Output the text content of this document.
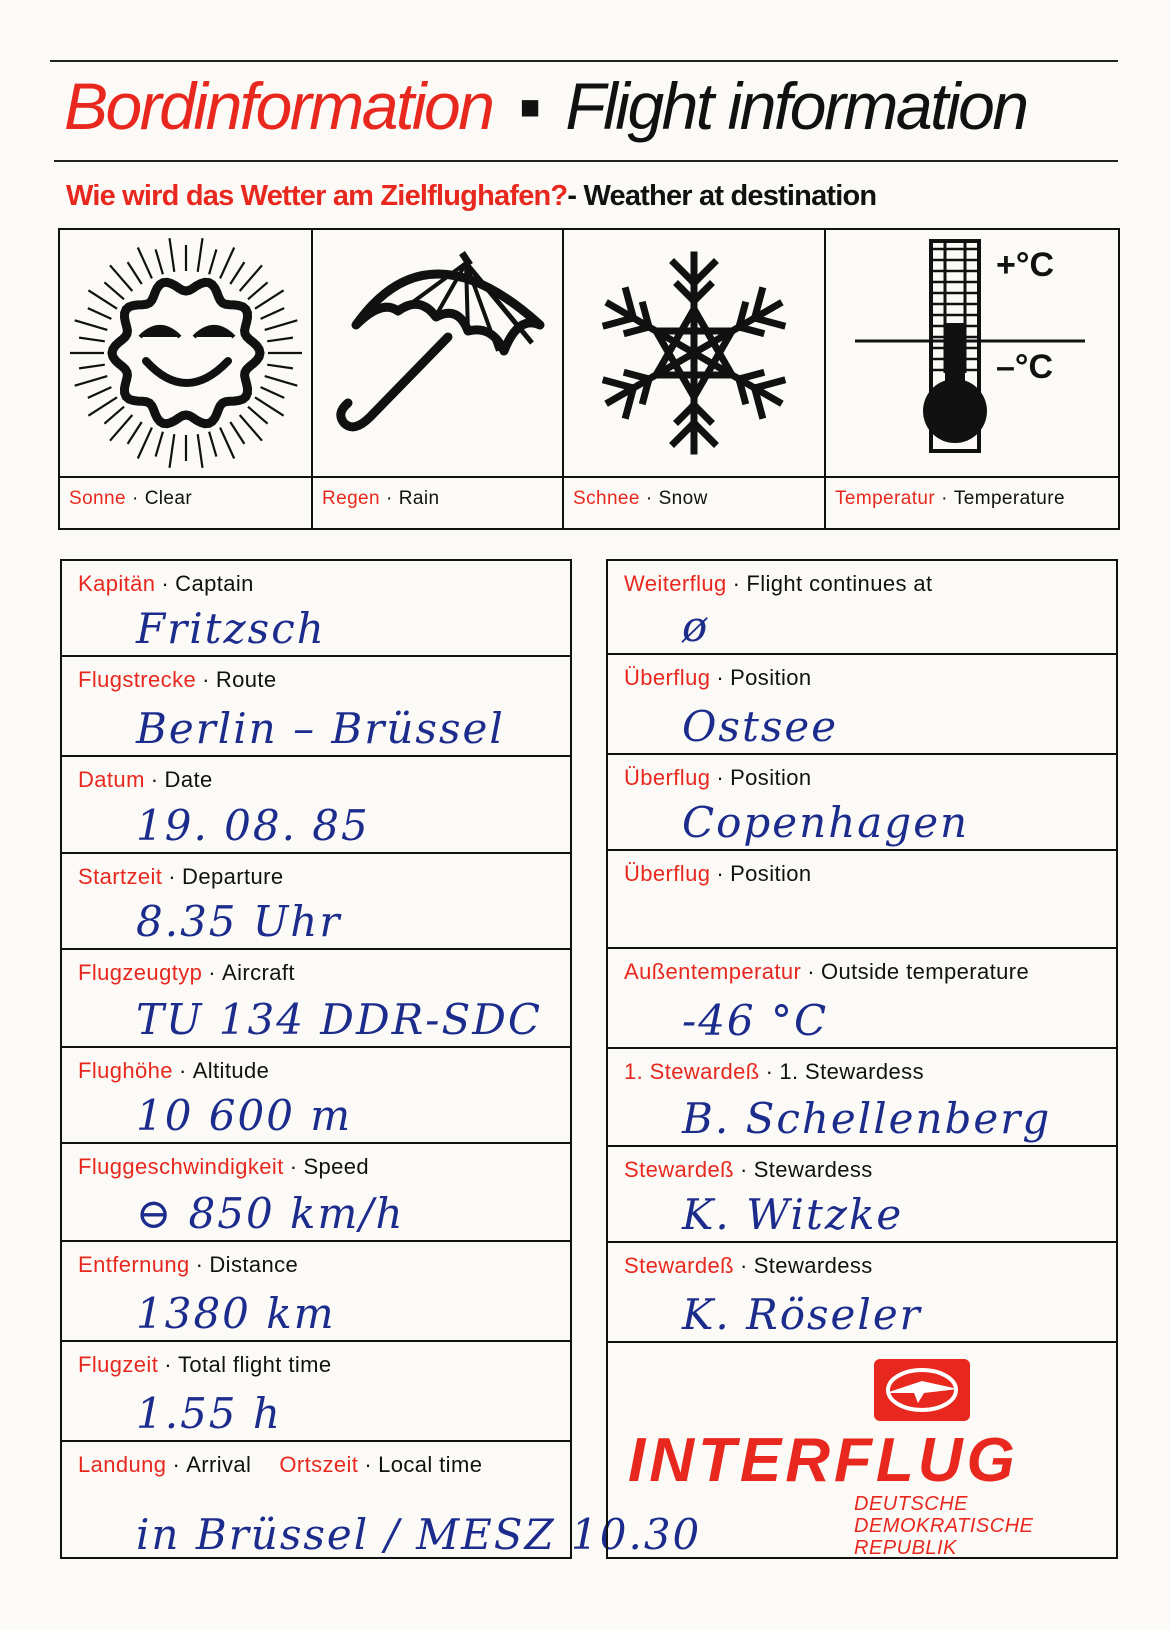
Bordinformation ▪ Flight information
Wie wird das Wetter am Zielflughafen?- Weather at destination
Sonne · Clear	Regen · Rain	Schnee · Snow
+°C
–°C
Temperatur · Temperature
Kapitän · Captain
Fritzsch
Flugstrecke · Route
Berlin – Brüssel
Datum · Date
19. 08. 85
Startzeit · Departure
8.35 Uhr
Flugzeugtyp · Aircraft
TU 134 DDR-SDC
Flughöhe · Altitude
10 600 m
Fluggeschwindigkeit · Speed
⊖ 850 km/h
Entfernung · Distance
1380 km
Flugzeit · Total flight time
1.55 h
Landung · Arrival Ortszeit · Local time
in Brüssel / MESZ 10.30
Weiterflug · Flight continues at
ø
Überflug · Position
Ostsee
Überflug · Position
Copenhagen
Überflug · Position
Außentemperatur · Outside temperature
-46 °C
1. Stewardeß · 1. Stewardess
B. Schellenberg
Stewardeß · Stewardess
K. Witzke
Stewardeß · Stewardess
K. Röseler
INTERFLUG
DEUTSCHE
DEMOKRATISCHE
REPUBLIK
